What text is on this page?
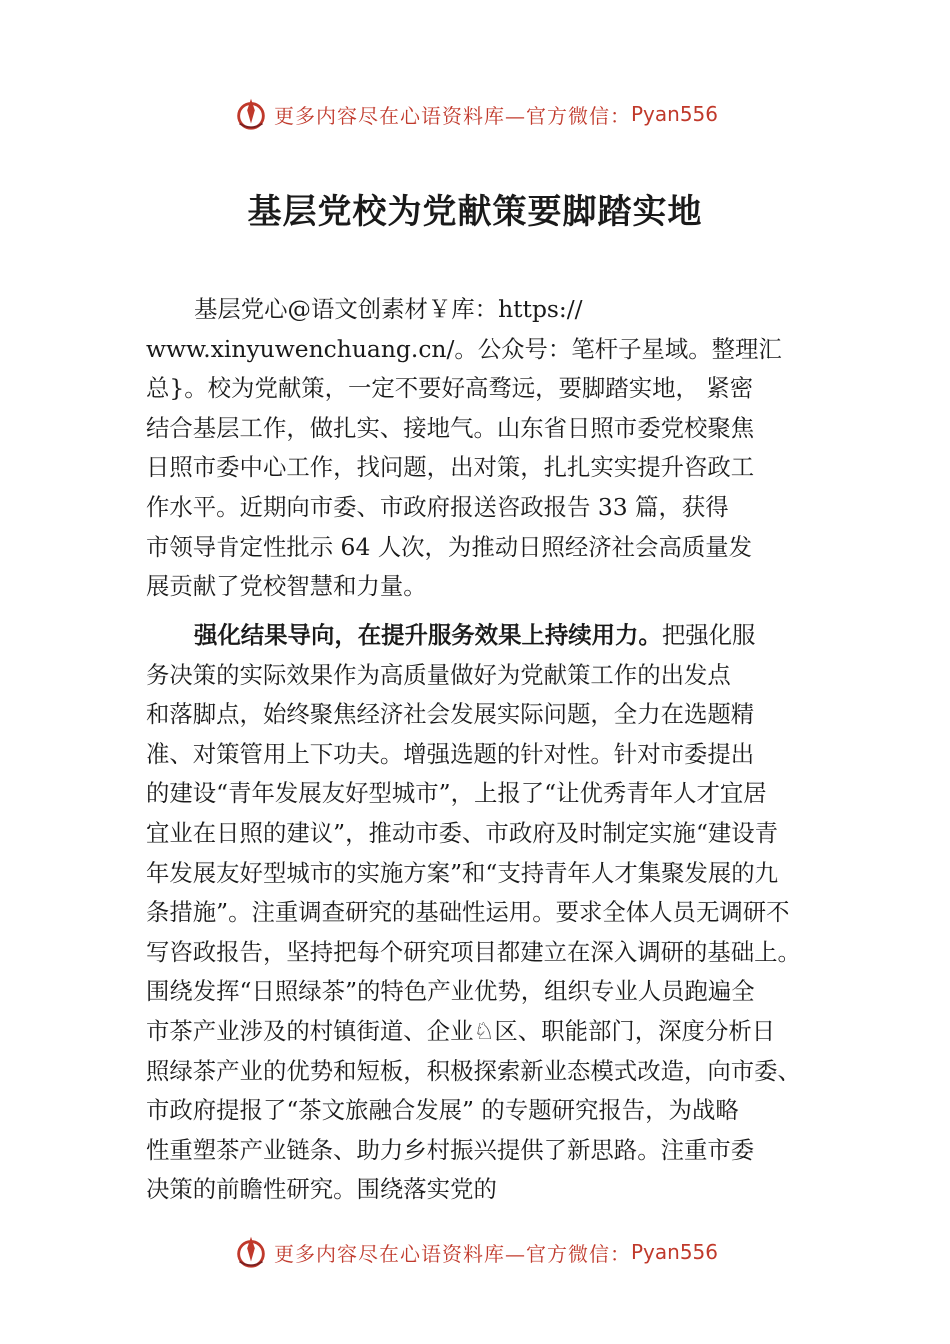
更多内容尽在心语资料库—官方微信： Pyan556
基层党校为党献策要脚踏实地
基层党心@语文创素材￥库：https://
www.xinyuwenchuang.cn/。公众号：笔杆子星域。整理汇
总}。校为党献策，一定不要好高骛远，要脚踏实地， 紧密
结合基层工作，做扎实、接地气。山东省日照市委党校聚焦
日照市委中心工作，找问题，出对策，扎扎实实提升咨政工
作水平。近期向市委、市政府报送咨政报告 33 篇，获得
市领导肯定性批示 64 人次，为推动日照经济社会高质量发
展贡献了党校智慧和力量。
强化结果导向，在提升服务效果上持续用力。把强化服
务决策的实际效果作为高质量做好为党献策工作的出发点
和落脚点，始终聚焦经济社会发展实际问题，全力在选题精
准、对策管用上下功夫。增强选题的针对性。针对市委提出
的建设“青年发展友好型城市”，上报了“让优秀青年人才宜居
宜业在日照的建议”，推动市委、市政府及时制定实施“建设青
年发展友好型城市的实施方案”和“支持青年人才集聚发展的九
条措施”。注重调查研究的基础性运用。要求全体人员无调研不
写咨政报告，坚持把每个研究项目都建立在深入调研的基础上。
围绕发挥“日照绿茶”的特色产业优势，组织专业人员跑遍全
市茶产业涉及的村镇街道、企业♘区、职能部门，深度分析日
照绿茶产业的优势和短板，积极探索新业态模式改造，向市委、
市政府提报了“茶文旅融合发展” 的专题研究报告，为战略
性重塑茶产业链条、助力乡村振兴提供了新思路。注重市委
决策的前瞻性研究。围绕落实党的
更多内容尽在心语资料库—官方微信： Pyan556
